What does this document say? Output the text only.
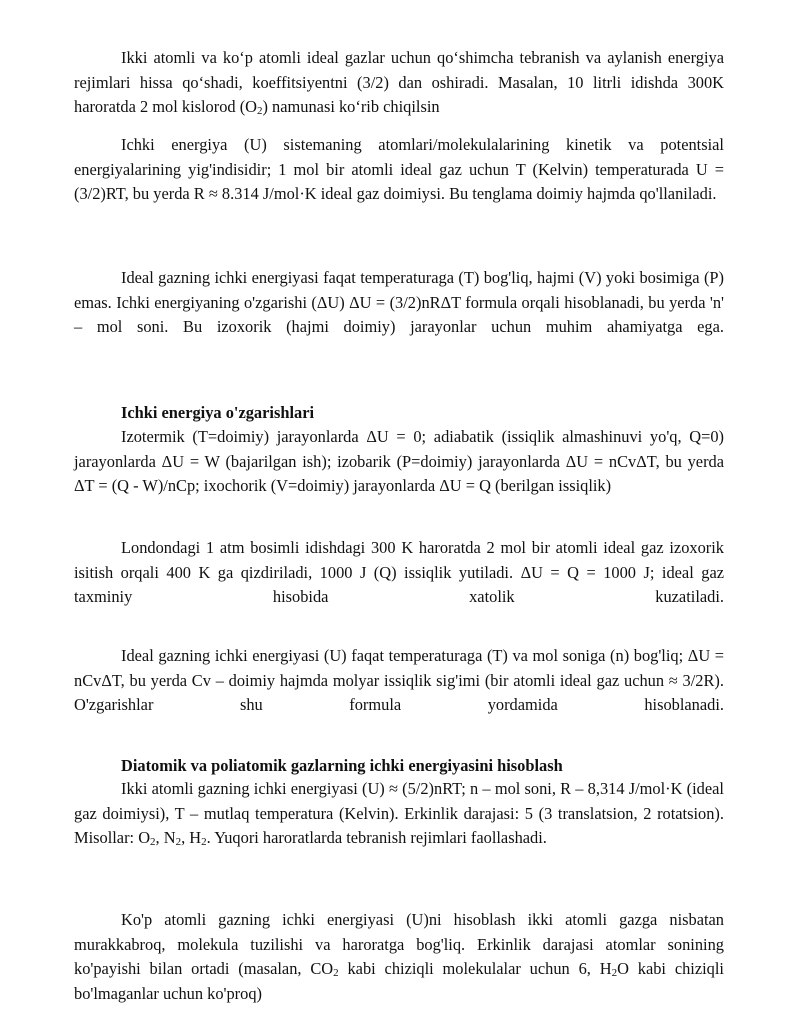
Ikki atomli va ko‘p atomli ideal gazlar uchun qo‘shimcha tebranish va aylanish energiya rejimlari hissa qo‘shadi, koeffitsiyentni (3/2) dan oshiradi. Masalan, 10 litrli idishda 300K haroratda 2 mol kislorod $(O_2)$ namunasi ko‘rib chiqilsin

Ichki energiya (U) sistemaning atomlari/molekulalarining kinetik va potentsial energiyalarining yig'indisidir; 1 mol bir atomli ideal gaz uchun T (Kelvin) temperaturada U = (3/2)RT, bu yerda R ≈ 8.314 J/mol·K ideal gaz doimiysi. Bu tenglama doimiy hajmda qo'llaniladi.

Ideal gazning ichki energiyasi faqat temperaturaga (T) bog'liq, hajmi (V) yoki bosimiga (P) emas. Ichki energiyaning o'zgarishi (ΔU) ΔU = (3/2)nRΔT formula orqali hisoblanadi, bu yerda 'n' – mol soni. Bu izoxorik (hajmi doimiy) jarayonlar uchun muhim ahamiyatga ega.

Ichki energiya o'zgarishlari

Izotermik (T=doimiy) jarayonlarda ΔU = 0; adiabatik (issiqlik almashinuvi yo'q, Q=0) jarayonlarda ΔU = W (bajarilgan ish); izobarik (P=doimiy) jarayonlarda ΔU = nCvΔT, bu yerda ΔT = (Q - W)/nCp; ixochorik (V=doimiy) jarayonlarda ΔU = Q (berilgan issiqlik)

Londondagi 1 atm bosimli idishdagi 300 K haroratda 2 mol bir atomli ideal gaz izoxorik isitish orqali 400 K ga qizdiriladi, 1000 J (Q) issiqlik yutiladi. ΔU = Q = 1000 J; ideal gaz taxminiy hisobida xatolik kuzatiladi.

Ideal gazning ichki energiyasi (U) faqat temperaturaga (T) va mol soniga (n) bog'liq; ΔU = nCvΔT, bu yerda Cv – doimiy hajmda molyar issiqlik sig'imi (bir atomli ideal gaz uchun ≈ 3/2R). O'zgarishlar shu formula yordamida hisoblanadi.

Diatomik va poliatomik gazlarning ichki energiyasini hisoblash

Ikki atomli gazning ichki energiyasi (U) ≈ (5/2)nRT; n – mol soni, R – 8,314 J/mol·K (ideal gaz doimiysi), T – mutlaq temperatura (Kelvin). Erkinlik darajasi: 5 (3 translatsion, 2 rotatsion). Misollar: $O_2$, $N_2$, $H_2$. Yuqori haroratlarda tebranish rejimlari faollashadi.

Ko'p atomli gazning ichki energiyasi (U)ni hisoblash ikki atomli gazga nisbatan murakkabroq, molekula tuzilishi va haroratga bog'liq. Erkinlik darajasi atomlar sonining ko'payishi bilan ortadi (masalan, $CO_2$ kabi chiziqli molekulalar uchun 6, $H_2O$ kabi chiziqli bo'lmaganlar uchun ko'proq)
